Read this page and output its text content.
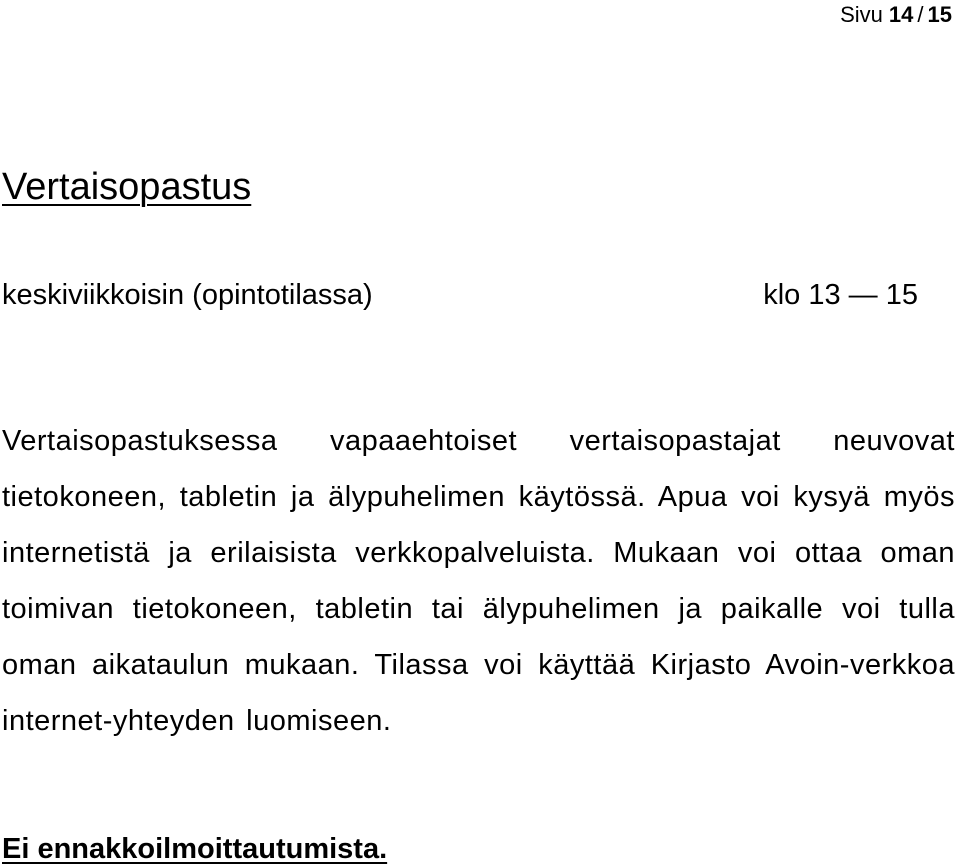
Sivu 14 / 15
Vertaisopastus
keskiviikkoisin (opintotilassa)	klo 13 — 15

Vertaisopastuksessa vapaaehtoiset vertaisopastajat neuvovat tietokoneen, tabletin ja älypuhelimen käytössä. Apua voi kysyä myös internetistä ja erilaisista verkkopalveluista. Mukaan voi ottaa oman toimivan tietokoneen, tabletin tai älypuhelimen ja paikalle voi tulla oman aikataulun mukaan. Tilassa voi käyttää Kirjasto Avoin-verkkoa internet-yhteyden luomiseen.

Ei ennakkoilmoittautumista.
